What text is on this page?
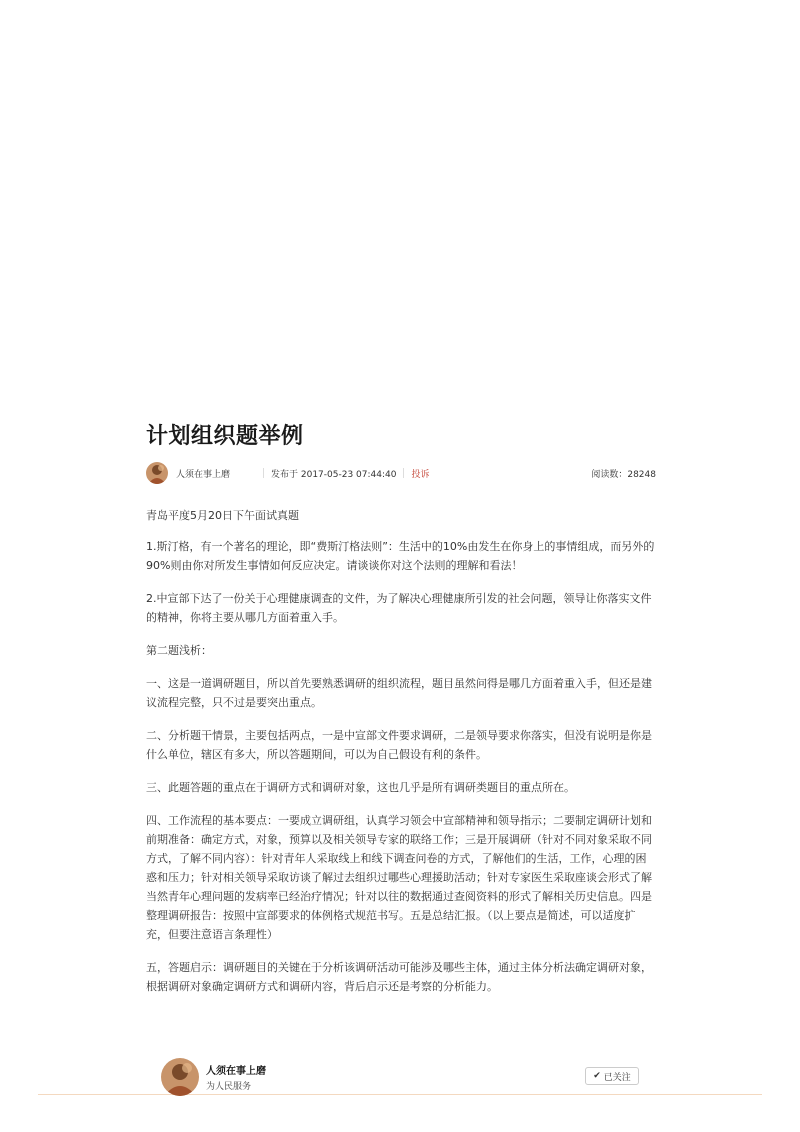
计划组织题举例
人须在事上磨	发布于 2017-05-23 07:44:40 投诉	阅读数：28248

青岛平度5月20日下午面试真题

1.斯汀格，有一个著名的理论，即“费斯汀格法则”：生活中的10%由发生在你身上的事情组成，而另外的90%则由你对所发生事情如何反应决定。请谈谈你对这个法则的理解和看法！

2.中宣部下达了一份关于心理健康调查的文件，为了解决心理健康所引发的社会问题，领导让你落实文件的精神，你将主要从哪几方面着重入手。

第二题浅析：

一、这是一道调研题目，所以首先要熟悉调研的组织流程，题目虽然问得是哪几方面着重入手，但还是建议流程完整，只不过是要突出重点。

二、分析题干情景，主要包括两点，一是中宣部文件要求调研，二是领导要求你落实，但没有说明是你是什么单位，辖区有多大，所以答题期间，可以为自己假设有利的条件。

三、此题答题的重点在于调研方式和调研对象，这也几乎是所有调研类题目的重点所在。

四、工作流程的基本要点：一要成立调研组，认真学习领会中宣部精神和领导指示；二要制定调研计划和前期准备：确定方式，对象，预算以及相关领导专家的联络工作；三是开展调研（针对不同对象采取不同方式，了解不同内容）：针对青年人采取线上和线下调查问卷的方式，了解他们的生活，工作，心理的困惑和压力；针对相关领导采取访谈了解过去组织过哪些心理援助活动；针对专家医生采取座谈会形式了解当然青年心理问题的发病率已经治疗情况；针对以往的数据通过查阅资料的形式了解相关历史信息。四是整理调研报告：按照中宣部要求的体例格式规范书写。五是总结汇报。（以上要点是简述，可以适度扩充，但要注意语言条理性）

五，答题启示：调研题目的关键在于分析该调研活动可能涉及哪些主体，通过主体分析法确定调研对象，根据调研对象确定调研方式和调研内容，背后启示还是考察的分析能力。

人须在事上磨
为人民服务
✔ 已关注
